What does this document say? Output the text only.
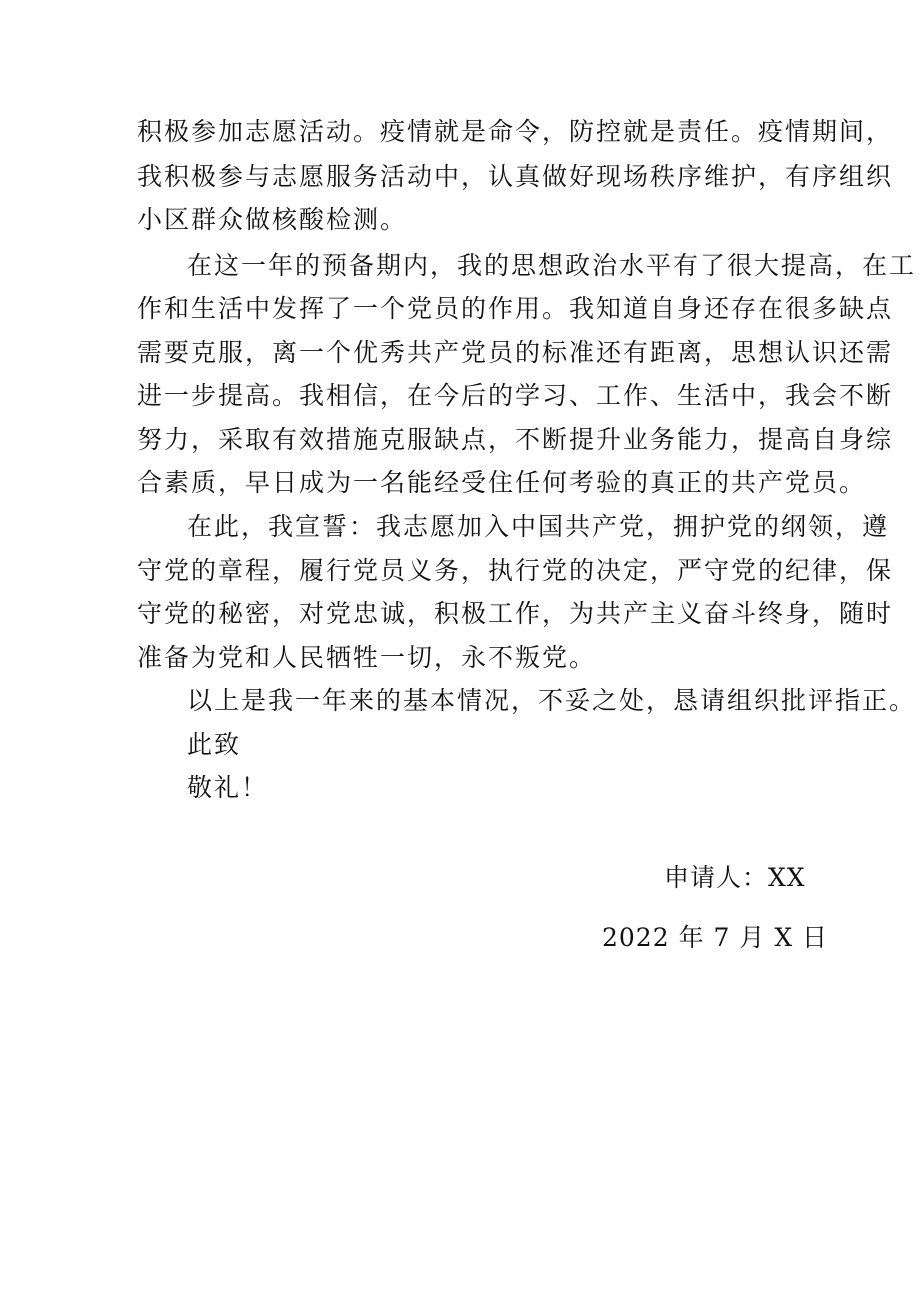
积极参加志愿活动。疫情就是命令，防控就是责任。疫情期间，
我积极参与志愿服务活动中，认真做好现场秩序维护，有序组织
小区群众做核酸检测。
在这一年的预备期内，我的思想政治水平有了很大提高，在工
作和生活中发挥了一个党员的作用。我知道自身还存在很多缺点
需要克服，离一个优秀共产党员的标准还有距离，思想认识还需
进一步提高。我相信，在今后的学习、工作、生活中，我会不断
努力，采取有效措施克服缺点，不断提升业务能力，提高自身综
合素质，早日成为一名能经受住任何考验的真正的共产党员。
在此，我宣誓：我志愿加入中国共产党，拥护党的纲领，遵
守党的章程，履行党员义务，执行党的决定，严守党的纪律，保
守党的秘密，对党忠诚，积极工作，为共产主义奋斗终身，随时
准备为党和人民牺牲一切，永不叛党。
以上是我一年来的基本情况，不妥之处，恳请组织批评指正。
此致
敬礼！
申请人：XX
2022 年 7 月 X 日
